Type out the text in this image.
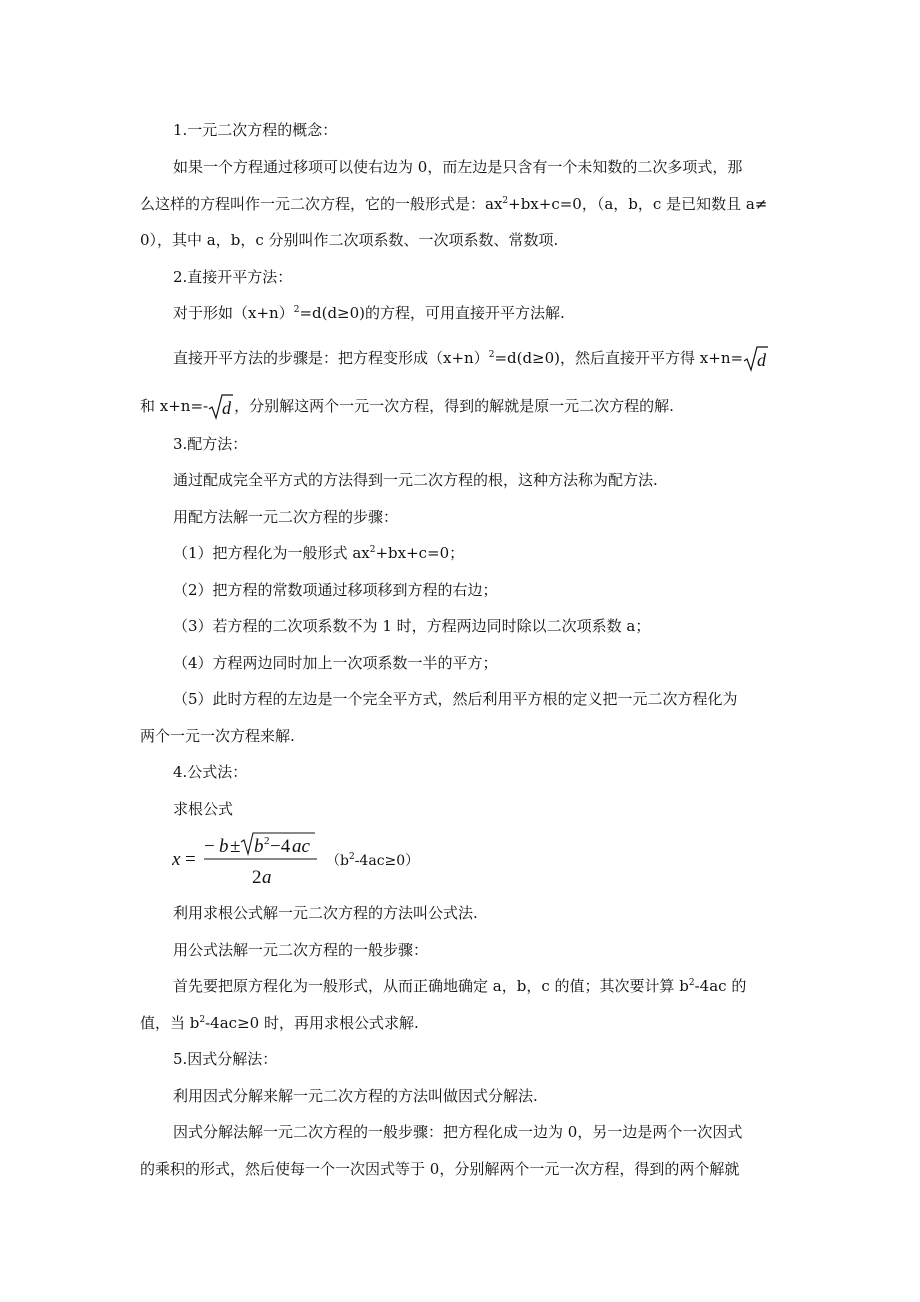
1.一元二次方程的概念：
如果一个方程通过移项可以使右边为 0，而左边是只含有一个未知数的二次多项式，那
么这样的方程叫作一元二次方程，它的一般形式是：$ax^2+bx+c=0$，（a，b，c 是已知数且 a≠
0），其中 a，b，c 分别叫作二次项系数、一次项系数、常数项.
2.直接开平方法：
对于形如$(x+n)^2=d(d\ge 0)$的方程，可用直接开平方法解.
直接开平方法的步骤是：把方程变形成$(x+n)^2=d(d\ge 0)$，然后直接开平方得 x+n= d
和 x+n=- d ，分别解这两个一元一次方程，得到的解就是原一元二次方程的解.
3.配方法：
通过配成完全平方式的方法得到一元二次方程的根，这种方法称为配方法.
用配方法解一元二次方程的步骤：
（1）把方程化为一般形式 $ax^2+bx+c=0$；
（2）把方程的常数项通过移项移到方程的右边；
（3）若方程的二次项系数不为 1 时，方程两边同时除以二次项系数 a；
（4）方程两边同时加上一次项系数一半的平方；
（5）此时方程的左边是一个完全平方式，然后利用平方根的定义把一元二次方程化为
两个一元一次方程来解.
4.公式法：
求根公式
x =
− b ± b 2 −4 ac
2 a
$(b^2-4ac\ge 0)$
利用求根公式解一元二次方程的方法叫公式法.
用公式法解一元二次方程的一般步骤：
首先要把原方程化为一般形式，从而正确地确定 a，b，c 的值；其次要计算 $b^2-4ac$ 的
值，当 $b^2-4ac\ge 0$ 时，再用求根公式求解.
5.因式分解法：
利用因式分解来解一元二次方程的方法叫做因式分解法.
因式分解法解一元二次方程的一般步骤：把方程化成一边为 0，另一边是两个一次因式
的乘积的形式，然后使每一个一次因式等于 0，分别解两个一元一次方程，得到的两个解就
